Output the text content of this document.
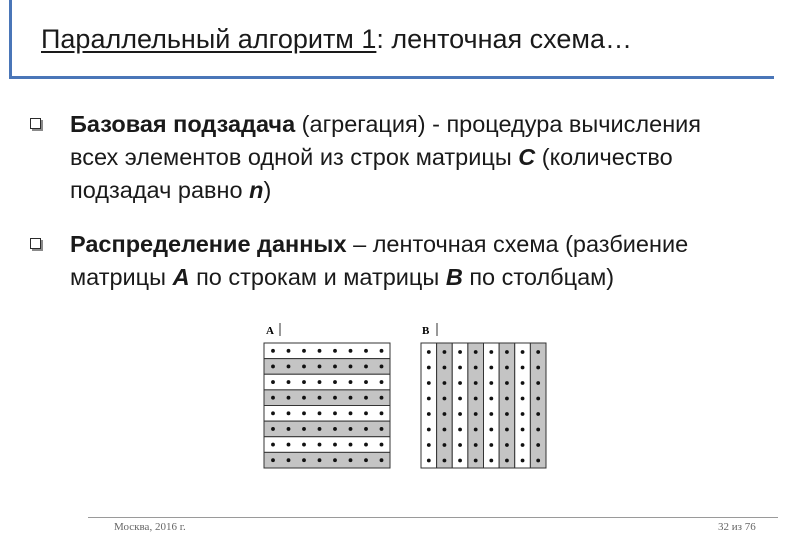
Параллельный алгоритм 1: ленточная схема…
Базовая подзадача (агрегация) - процедура вычисления всех элементов одной из строк матрицы C (количество подзадач равно n)
Распределение данных – ленточная схема (разбиение матрицы A по строкам и матрицы B по столбцам)
A	B
Москва, 2016 г.	32 из 76
